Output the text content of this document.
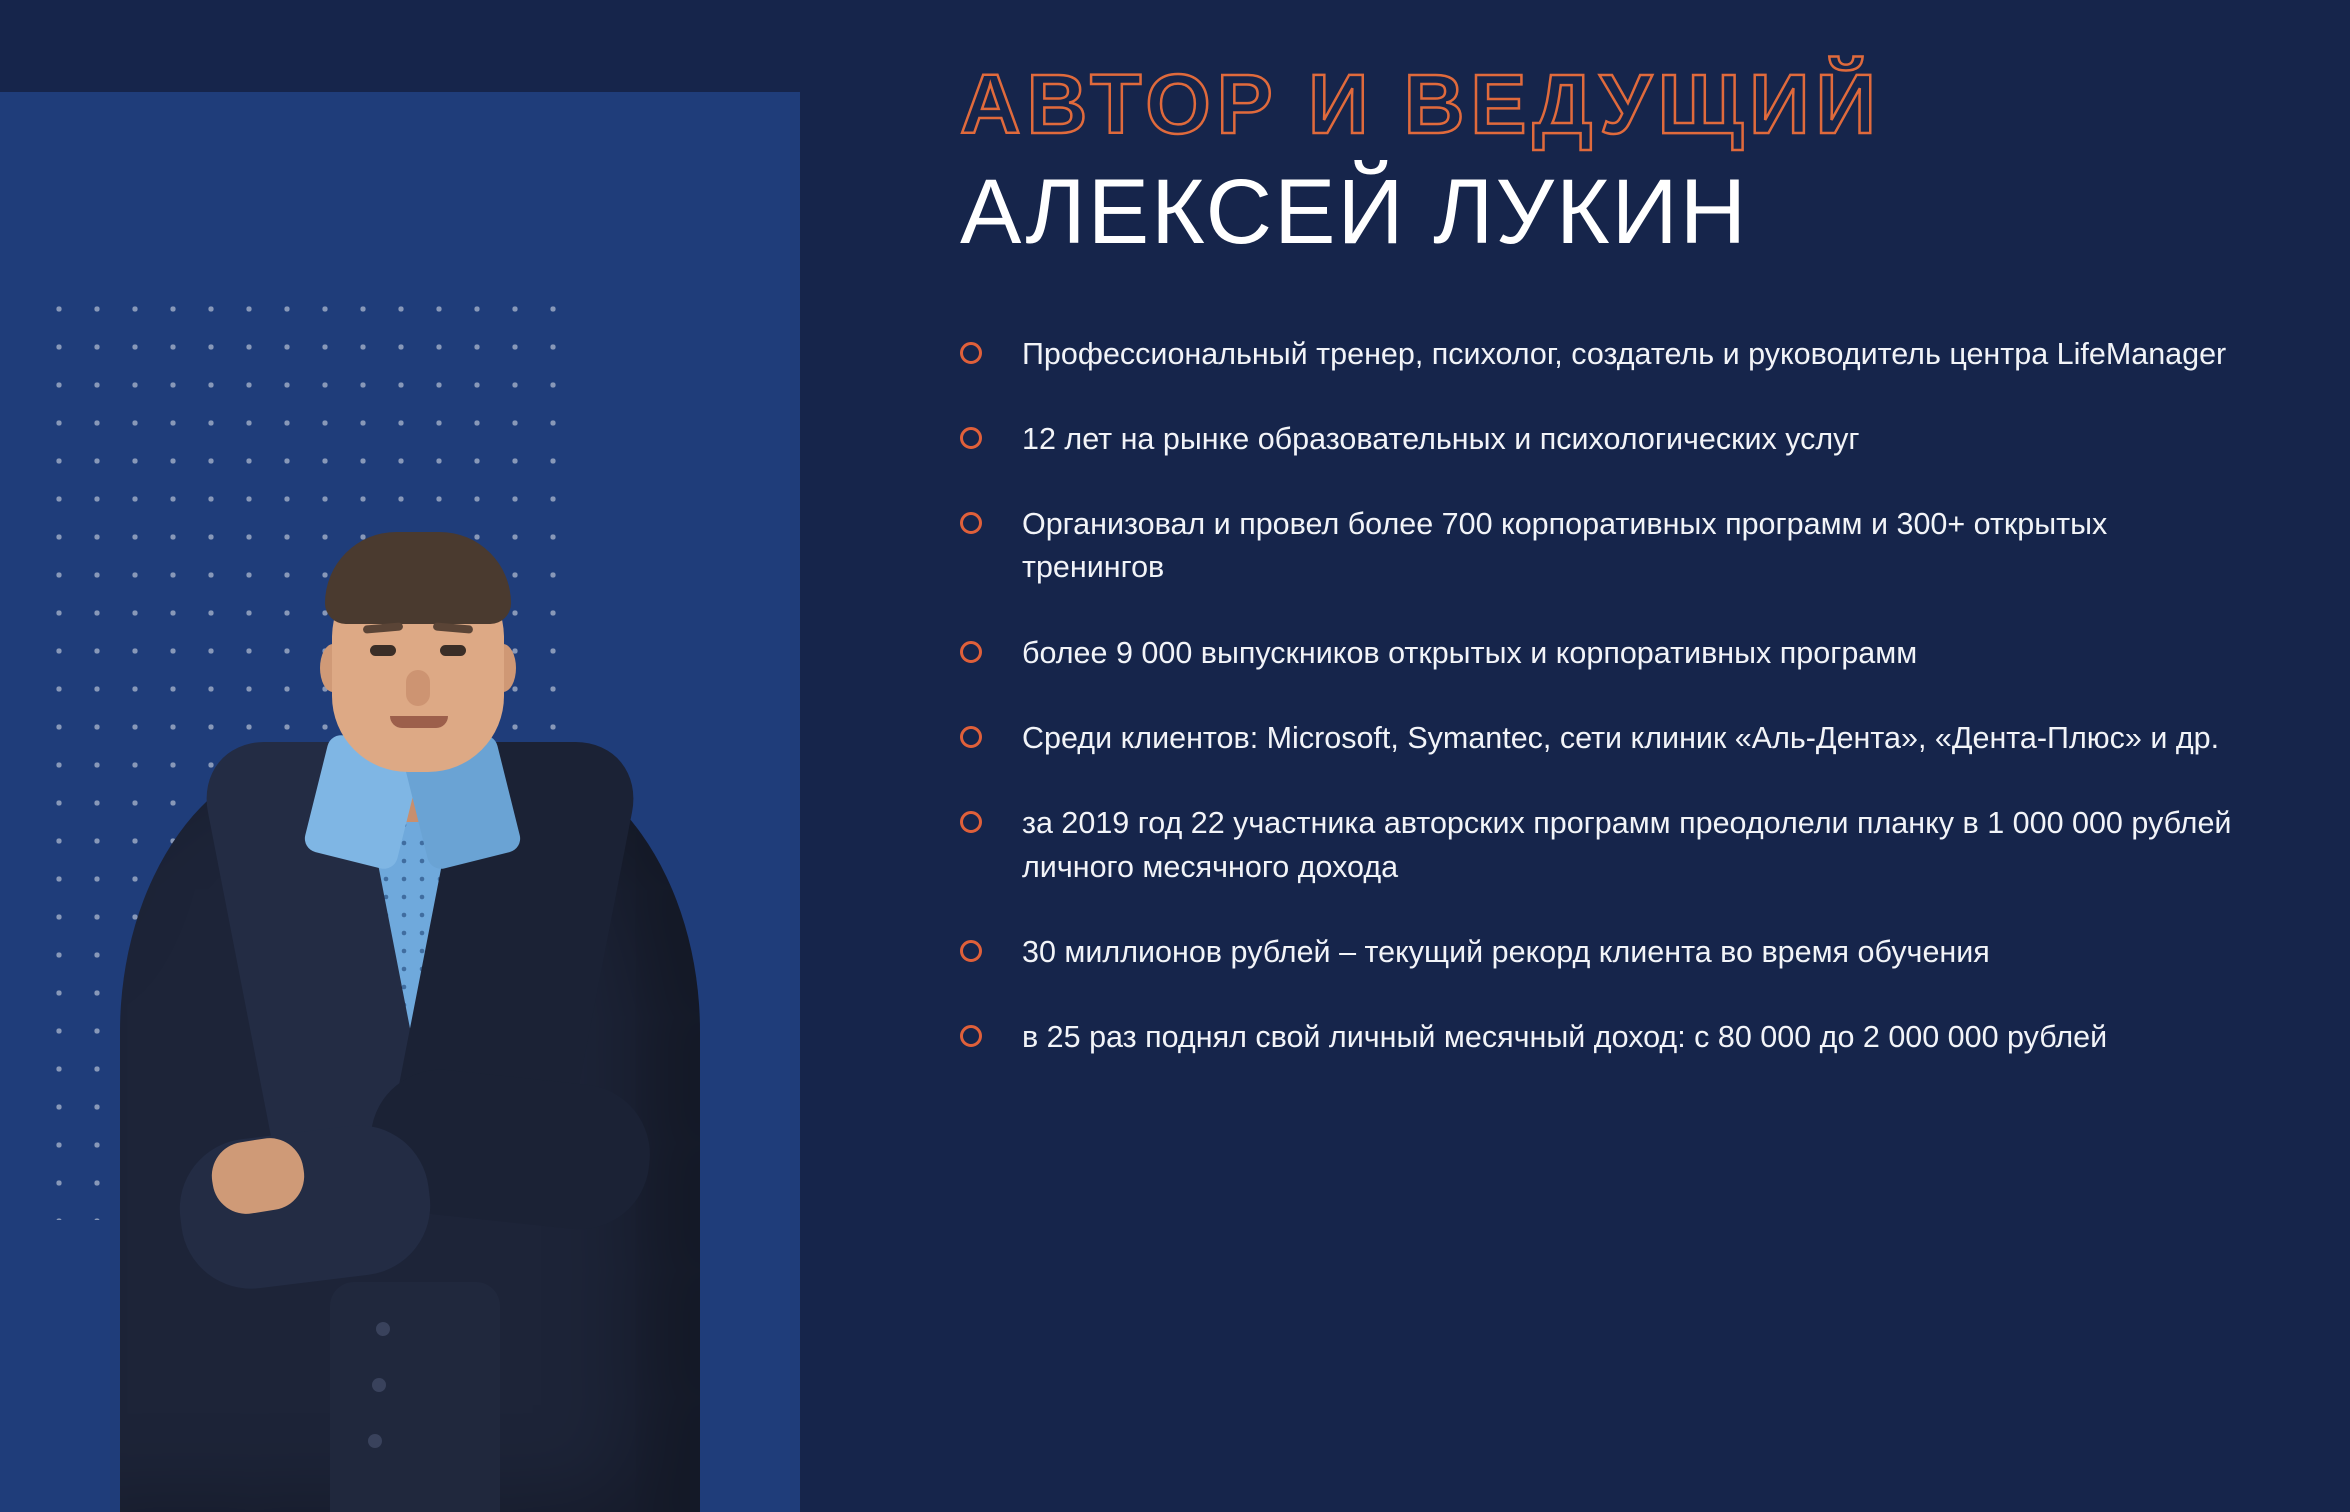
АВТОР И ВЕДУЩИЙ
АЛЕКСЕЙ ЛУКИН
Профессиональный тренер, психолог, создатель и руководитель центра LifeManager
12 лет на рынке образовательных и психологических услуг
Организовал и провел более 700 корпоративных программ и 300+ открытых тренингов
более 9 000 выпускников открытых и корпоративных программ
Среди клиентов: Microsoft, Symantec, сети клиник «Аль-Дента», «Дента-Плюс» и др.
за 2019 год 22 участника авторских программ преодолели планку в 1 000 000 рублей личного месячного дохода
30 миллионов рублей – текущий рекорд клиента во время обучения
в 25 раз поднял свой личный месячный доход: с 80 000 до 2 000 000 рублей
